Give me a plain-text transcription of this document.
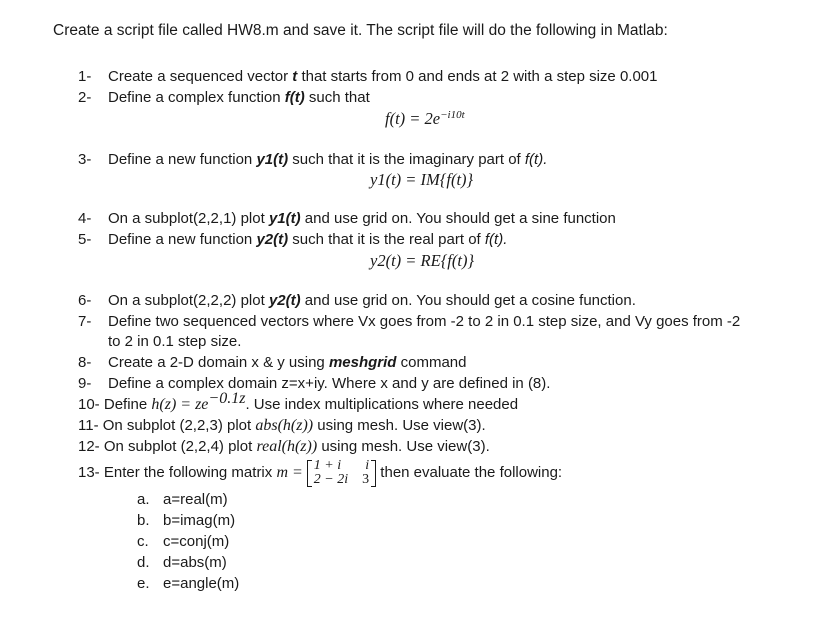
Create a script file called HW8.m and save it. The script file will do the following in Matlab:
1- Create a sequenced vector t that starts from 0 and ends at 2 with a step size 0.001
2- Define a complex function f(t) such that
$f(t) = 2e^{-i10t}$
3- Define a new function y1(t) such that it is the imaginary part of f(t).
y1(t) = IM{f(t)}
4- On a subplot(2,2,1) plot y1(t) and use grid on. You should get a sine function
5- Define a new function y2(t) such that it is the real part of f(t).
y2(t) = RE{f(t)}
6- On a subplot(2,2,2) plot y2(t) and use grid on. You should get a cosine function.
7- Define two sequenced vectors where Vx goes from -2 to 2 in 0.1 step size, and Vy goes from -2
to 2 in 0.1 step size.
8- Create a 2-D domain x & y using meshgrid command
9- Define a complex domain z=x+iy. Where x and y are defined in (8).
10- Define $h(z) = ze^{-0.1z}$. Use index multiplications where needed
11- On subplot (2,2,3) plot abs(h(z)) using mesh. Use view(3).
12- On subplot (2,2,4) plot real(h(z)) using mesh. Use view(3).
13- Enter the following matrix m = 1 + i	i
2 − 2i	3 then evaluate the following:
a. a=real(m)
b. b=imag(m)
c. c=conj(m)
d. d=abs(m)
e. e=angle(m)
